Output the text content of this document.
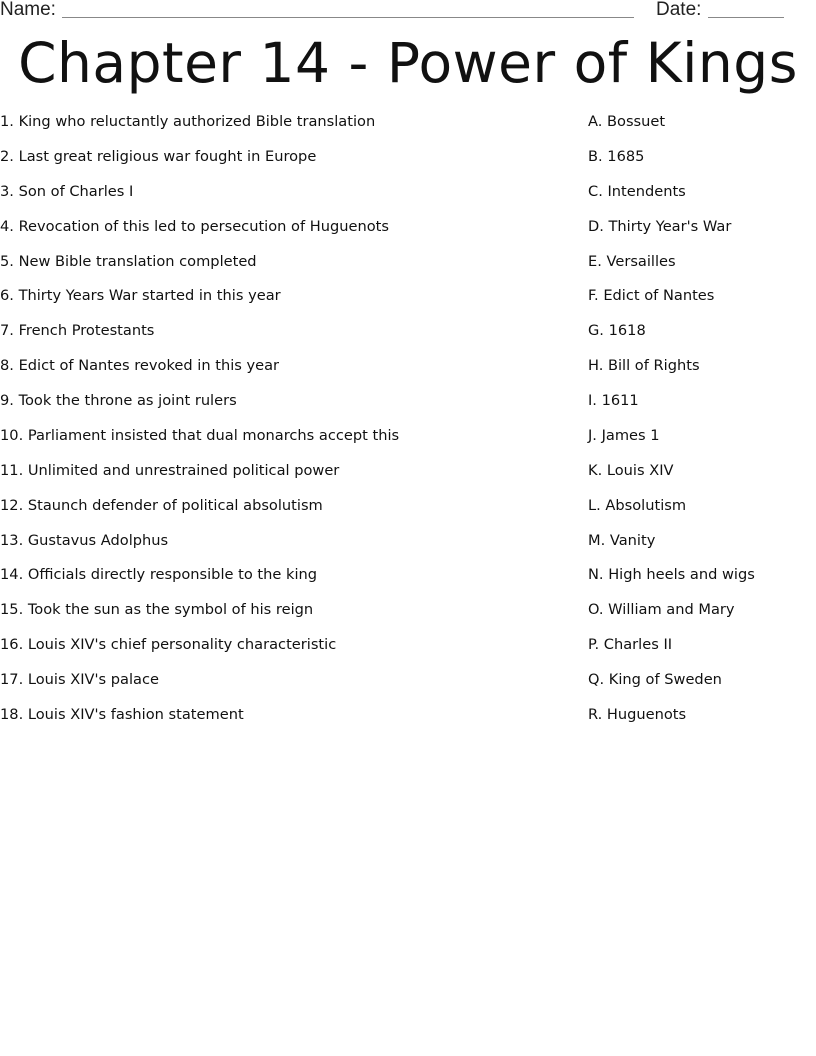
Name:	Date:
Chapter 14 - Power of Kings
1. King who reluctantly authorized Bible translation
2. Last great religious war fought in Europe
3. Son of Charles I
4. Revocation of this led to persecution of Huguenots
5. New Bible translation completed
6. Thirty Years War started in this year
7. French Protestants
8. Edict of Nantes revoked in this year
9. Took the throne as joint rulers
10. Parliament insisted that dual monarchs accept this
11. Unlimited and unrestrained political power
12. Staunch defender of political absolutism
13. Gustavus Adolphus
14. Officials directly responsible to the king
15. Took the sun as the symbol of his reign
16. Louis XIV's chief personality characteristic
17. Louis XIV's palace
18. Louis XIV's fashion statement
A. Bossuet
B. 1685
C. Intendents
D. Thirty Year's War
E. Versailles
F. Edict of Nantes
G. 1618
H. Bill of Rights
I. 1611
J. James 1
K. Louis XIV
L. Absolutism
M. Vanity
N. High heels and wigs
O. William and Mary
P. Charles II
Q. King of Sweden
R. Huguenots
